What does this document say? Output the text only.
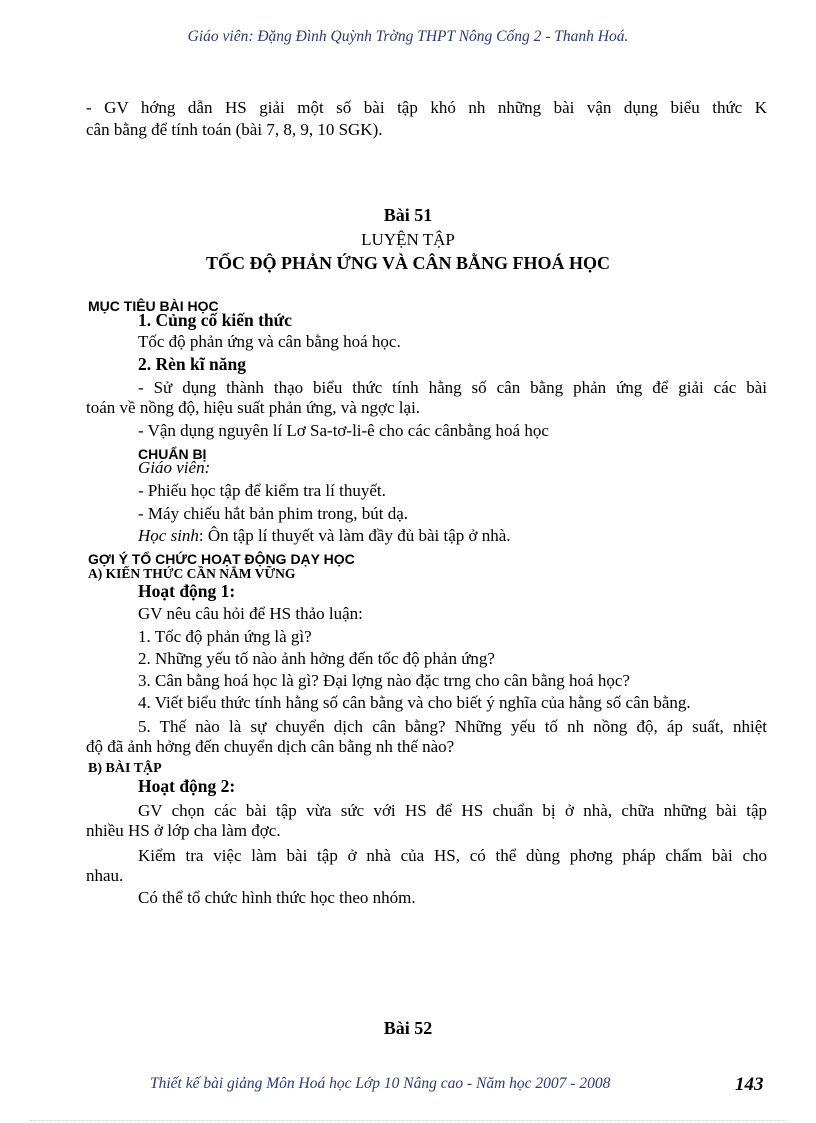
Giáo viên: Đặng Đình Quỳnh Trờng THPT Nông Cống 2 - Thanh Hoá.
- GV hớng dẫn HS giải một số bài tập khó nh những bài vận dụng biểu thức K
cân bằng để tính toán (bài 7, 8, 9, 10 SGK).
Bài 51
LUYỆN TẬP
TỐC ĐỘ PHẢN ỨNG VÀ CÂN BẰNG FHOÁ HỌC
MỤC TIÊU BÀI HỌC
1. Củng cố kiến thức
Tốc độ phản ứng và cân bằng hoá học.
2. Rèn kĩ năng
- Sử dụng thành thạo biểu thức tính hằng số cân bằng phản ứng để giải các bài
toán về nồng độ, hiệu suất phản ứng, và ngợc lại.
- Vận dụng nguyên lí Lơ Sa-tơ-li-ê cho các cânbằng hoá học
CHUẨN BỊ
Giáo viên:
- Phiếu học tập để kiểm tra lí thuyết.
- Máy chiếu hắt bản phim trong, bút dạ.
Học sinh: Ôn tập lí thuyết và làm đầy đủ bài tập ở nhà.
GỢI Ý TỔ CHỨC HOẠT ĐỘNG DẠY HỌC
A) KIẾN THỨC CẦN NẮM VỮNG
Hoạt động 1:
GV nêu câu hỏi để HS thảo luận:
1. Tốc độ phản ứng là gì?
2. Những yếu tố nào ảnh hởng đến tốc độ phản ứng?
3. Cân bằng hoá học là gì? Đại lợng nào đặc trng cho cân bằng hoá học?
4. Viết biểu thức tính hằng số cân bằng và cho biết ý nghĩa của hằng số cân bằng.
5. Thế nào là sự chuyển dịch cân bằng? Những yếu tố nh nồng độ, áp suất, nhiệt
độ đã ảnh hởng đến chuyển dịch cân bằng nh thế nào?
B) BÀI TẬP
Hoạt động 2:
GV chọn các bài tập vừa sức với HS để HS chuẩn bị ở nhà, chữa những bài tập
nhiều HS ở lớp cha làm đợc.
Kiểm tra việc làm bài tập ở nhà của HS, có thể dùng phơng pháp chấm bài cho
nhau.
Có thể tổ chức hình thức học theo nhóm.
Bài 52
Thiết kế bài giảng Môn Hoá học Lớp 10 Nâng cao - Năm học 2007 - 2008	143
